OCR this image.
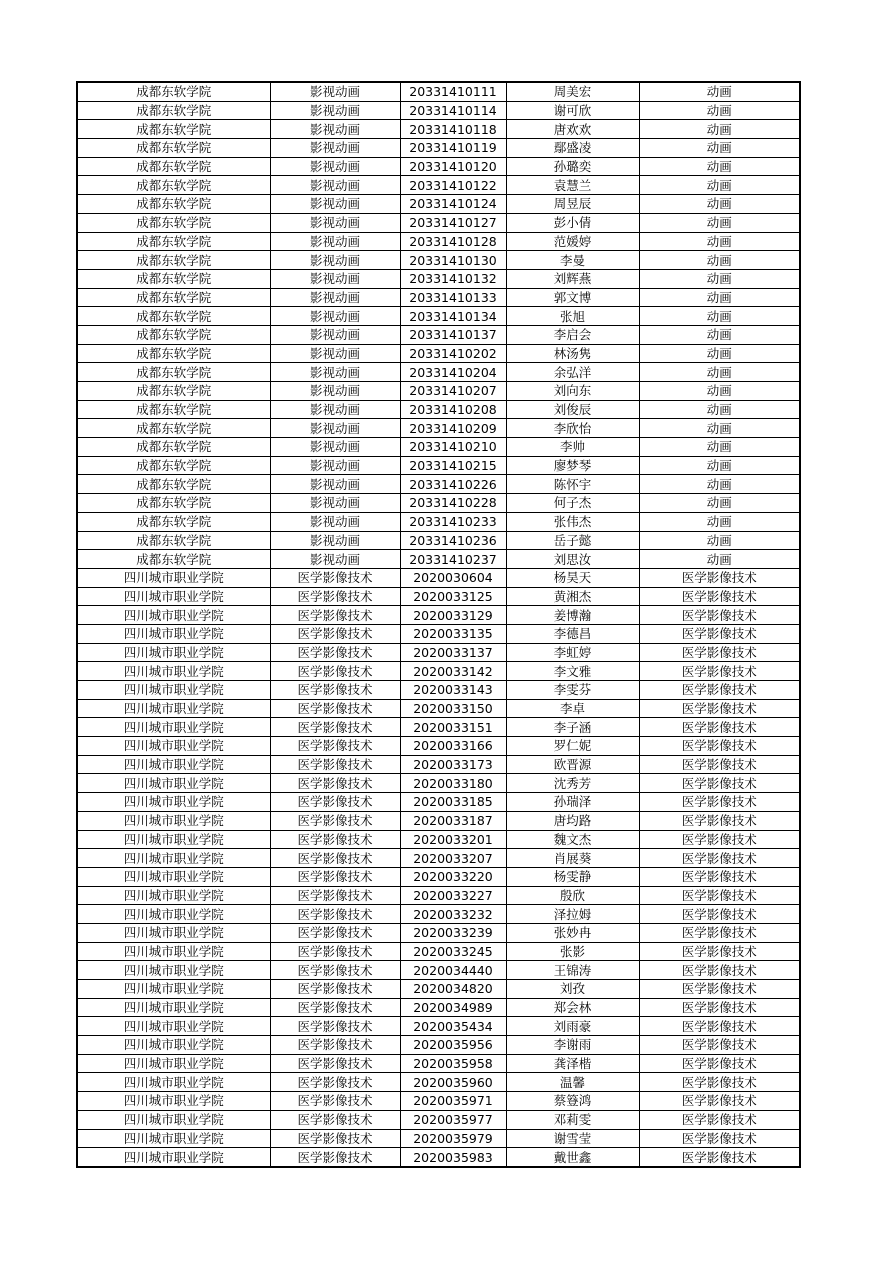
成都东软学院	影视动画	20331410111	周美宏	动画
成都东软学院	影视动画	20331410114	谢可欣	动画
成都东软学院	影视动画	20331410118	唐欢欢	动画
成都东软学院	影视动画	20331410119	鄢盛凌	动画
成都东软学院	影视动画	20331410120	孙璐奕	动画
成都东软学院	影视动画	20331410122	袁慧兰	动画
成都东软学院	影视动画	20331410124	周昱辰	动画
成都东软学院	影视动画	20331410127	彭小倩	动画
成都东软学院	影视动画	20331410128	范媛婷	动画
成都东软学院	影视动画	20331410130	李曼	动画
成都东软学院	影视动画	20331410132	刘辉燕	动画
成都东软学院	影视动画	20331410133	郭文博	动画
成都东软学院	影视动画	20331410134	张旭	动画
成都东软学院	影视动画	20331410137	李启会	动画
成都东软学院	影视动画	20331410202	林汤隽	动画
成都东软学院	影视动画	20331410204	余弘洋	动画
成都东软学院	影视动画	20331410207	刘向东	动画
成都东软学院	影视动画	20331410208	刘俊辰	动画
成都东软学院	影视动画	20331410209	李欣怡	动画
成都东软学院	影视动画	20331410210	李帅	动画
成都东软学院	影视动画	20331410215	廖梦琴	动画
成都东软学院	影视动画	20331410226	陈怀宇	动画
成都东软学院	影视动画	20331410228	何子杰	动画
成都东软学院	影视动画	20331410233	张伟杰	动画
成都东软学院	影视动画	20331410236	岳子懿	动画
成都东软学院	影视动画	20331410237	刘思汝	动画
四川城市职业学院	医学影像技术	2020030604	杨昊天	医学影像技术
四川城市职业学院	医学影像技术	2020033125	黄湘杰	医学影像技术
四川城市职业学院	医学影像技术	2020033129	姜博瀚	医学影像技术
四川城市职业学院	医学影像技术	2020033135	李德昌	医学影像技术
四川城市职业学院	医学影像技术	2020033137	李虹婷	医学影像技术
四川城市职业学院	医学影像技术	2020033142	李文雅	医学影像技术
四川城市职业学院	医学影像技术	2020033143	李雯芬	医学影像技术
四川城市职业学院	医学影像技术	2020033150	李卓	医学影像技术
四川城市职业学院	医学影像技术	2020033151	李子涵	医学影像技术
四川城市职业学院	医学影像技术	2020033166	罗仁妮	医学影像技术
四川城市职业学院	医学影像技术	2020033173	欧晋源	医学影像技术
四川城市职业学院	医学影像技术	2020033180	沈秀芳	医学影像技术
四川城市职业学院	医学影像技术	2020033185	孙瑞泽	医学影像技术
四川城市职业学院	医学影像技术	2020033187	唐均路	医学影像技术
四川城市职业学院	医学影像技术	2020033201	魏文杰	医学影像技术
四川城市职业学院	医学影像技术	2020033207	肖展葵	医学影像技术
四川城市职业学院	医学影像技术	2020033220	杨雯静	医学影像技术
四川城市职业学院	医学影像技术	2020033227	殷欣	医学影像技术
四川城市职业学院	医学影像技术	2020033232	泽拉姆	医学影像技术
四川城市职业学院	医学影像技术	2020033239	张妙冉	医学影像技术
四川城市职业学院	医学影像技术	2020033245	张影	医学影像技术
四川城市职业学院	医学影像技术	2020034440	王锦涛	医学影像技术
四川城市职业学院	医学影像技术	2020034820	刘孜	医学影像技术
四川城市职业学院	医学影像技术	2020034989	郑会林	医学影像技术
四川城市职业学院	医学影像技术	2020035434	刘雨豪	医学影像技术
四川城市职业学院	医学影像技术	2020035956	李谢雨	医学影像技术
四川城市职业学院	医学影像技术	2020035958	龚泽楷	医学影像技术
四川城市职业学院	医学影像技术	2020035960	温馨	医学影像技术
四川城市职业学院	医学影像技术	2020035971	蔡簦鸿	医学影像技术
四川城市职业学院	医学影像技术	2020035977	邓莉雯	医学影像技术
四川城市职业学院	医学影像技术	2020035979	谢雪莹	医学影像技术
四川城市职业学院	医学影像技术	2020035983	戴世鑫	医学影像技术
